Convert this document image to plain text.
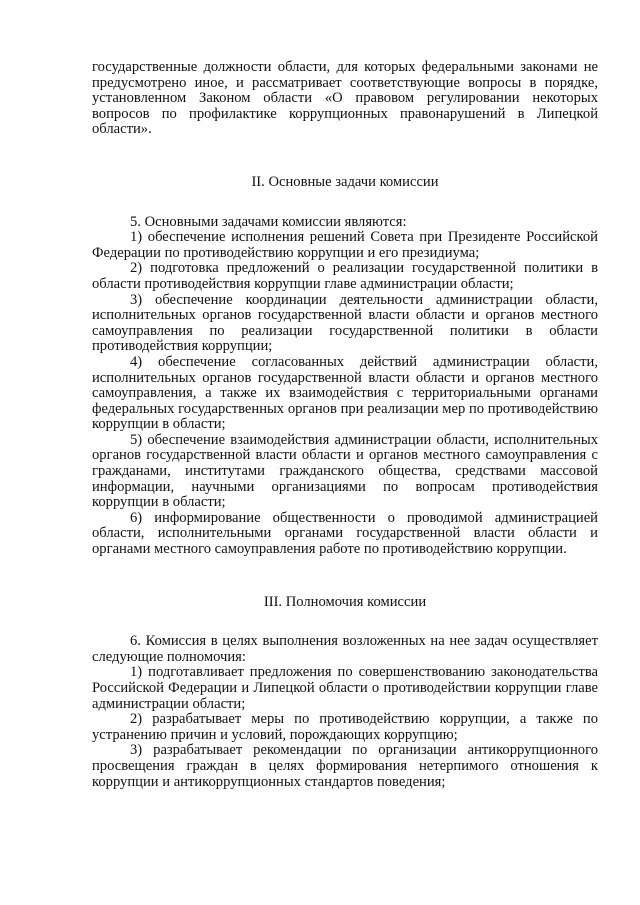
государственные должности области, для которых федеральными законами не предусмотрено иное, и рассматривает соответствующие вопросы в порядке, установленном Законом области «О правовом регулировании некоторых вопросов по профилактике коррупционных правонарушений в Липецкой области».

II. Основные задачи комиссии

5. Основными задачами комиссии являются:

1) обеспечение исполнения решений Совета при Президенте Российской Федерации по противодействию коррупции и его президиума;

2) подготовка предложений о реализации государственной политики в области противодействия коррупции главе администрации области;

3) обеспечение координации деятельности администрации области, исполнительных органов государственной власти области и органов местного самоуправления по реализации государственной политики в области противодействия коррупции;

4) обеспечение согласованных действий администрации области, исполнительных органов государственной власти области и органов местного самоуправления, а также их взаимодействия с территориальными органами федеральных государственных органов при реализации мер по противодействию коррупции в области;

5) обеспечение взаимодействия администрации области, исполнительных органов государственной власти области и органов местного самоуправления с гражданами, институтами гражданского общества, средствами массовой информации, научными организациями по вопросам противодействия коррупции в области;

6) информирование общественности о проводимой администрацией области, исполнительными органами государственной власти области и органами местного самоуправления работе по противодействию коррупции.

III. Полномочия комиссии

6. Комиссия в целях выполнения возложенных на нее задач осуществляет следующие полномочия:

1) подготавливает предложения по совершенствованию законодательства Российской Федерации и Липецкой области о противодействии коррупции главе администрации области;

2) разрабатывает меры по противодействию коррупции, а также по устранению причин и условий, порождающих коррупцию;

3) разрабатывает рекомендации по организации антикоррупционного просвещения граждан в целях формирования нетерпимого отношения к коррупции и антикоррупционных стандартов поведения;
